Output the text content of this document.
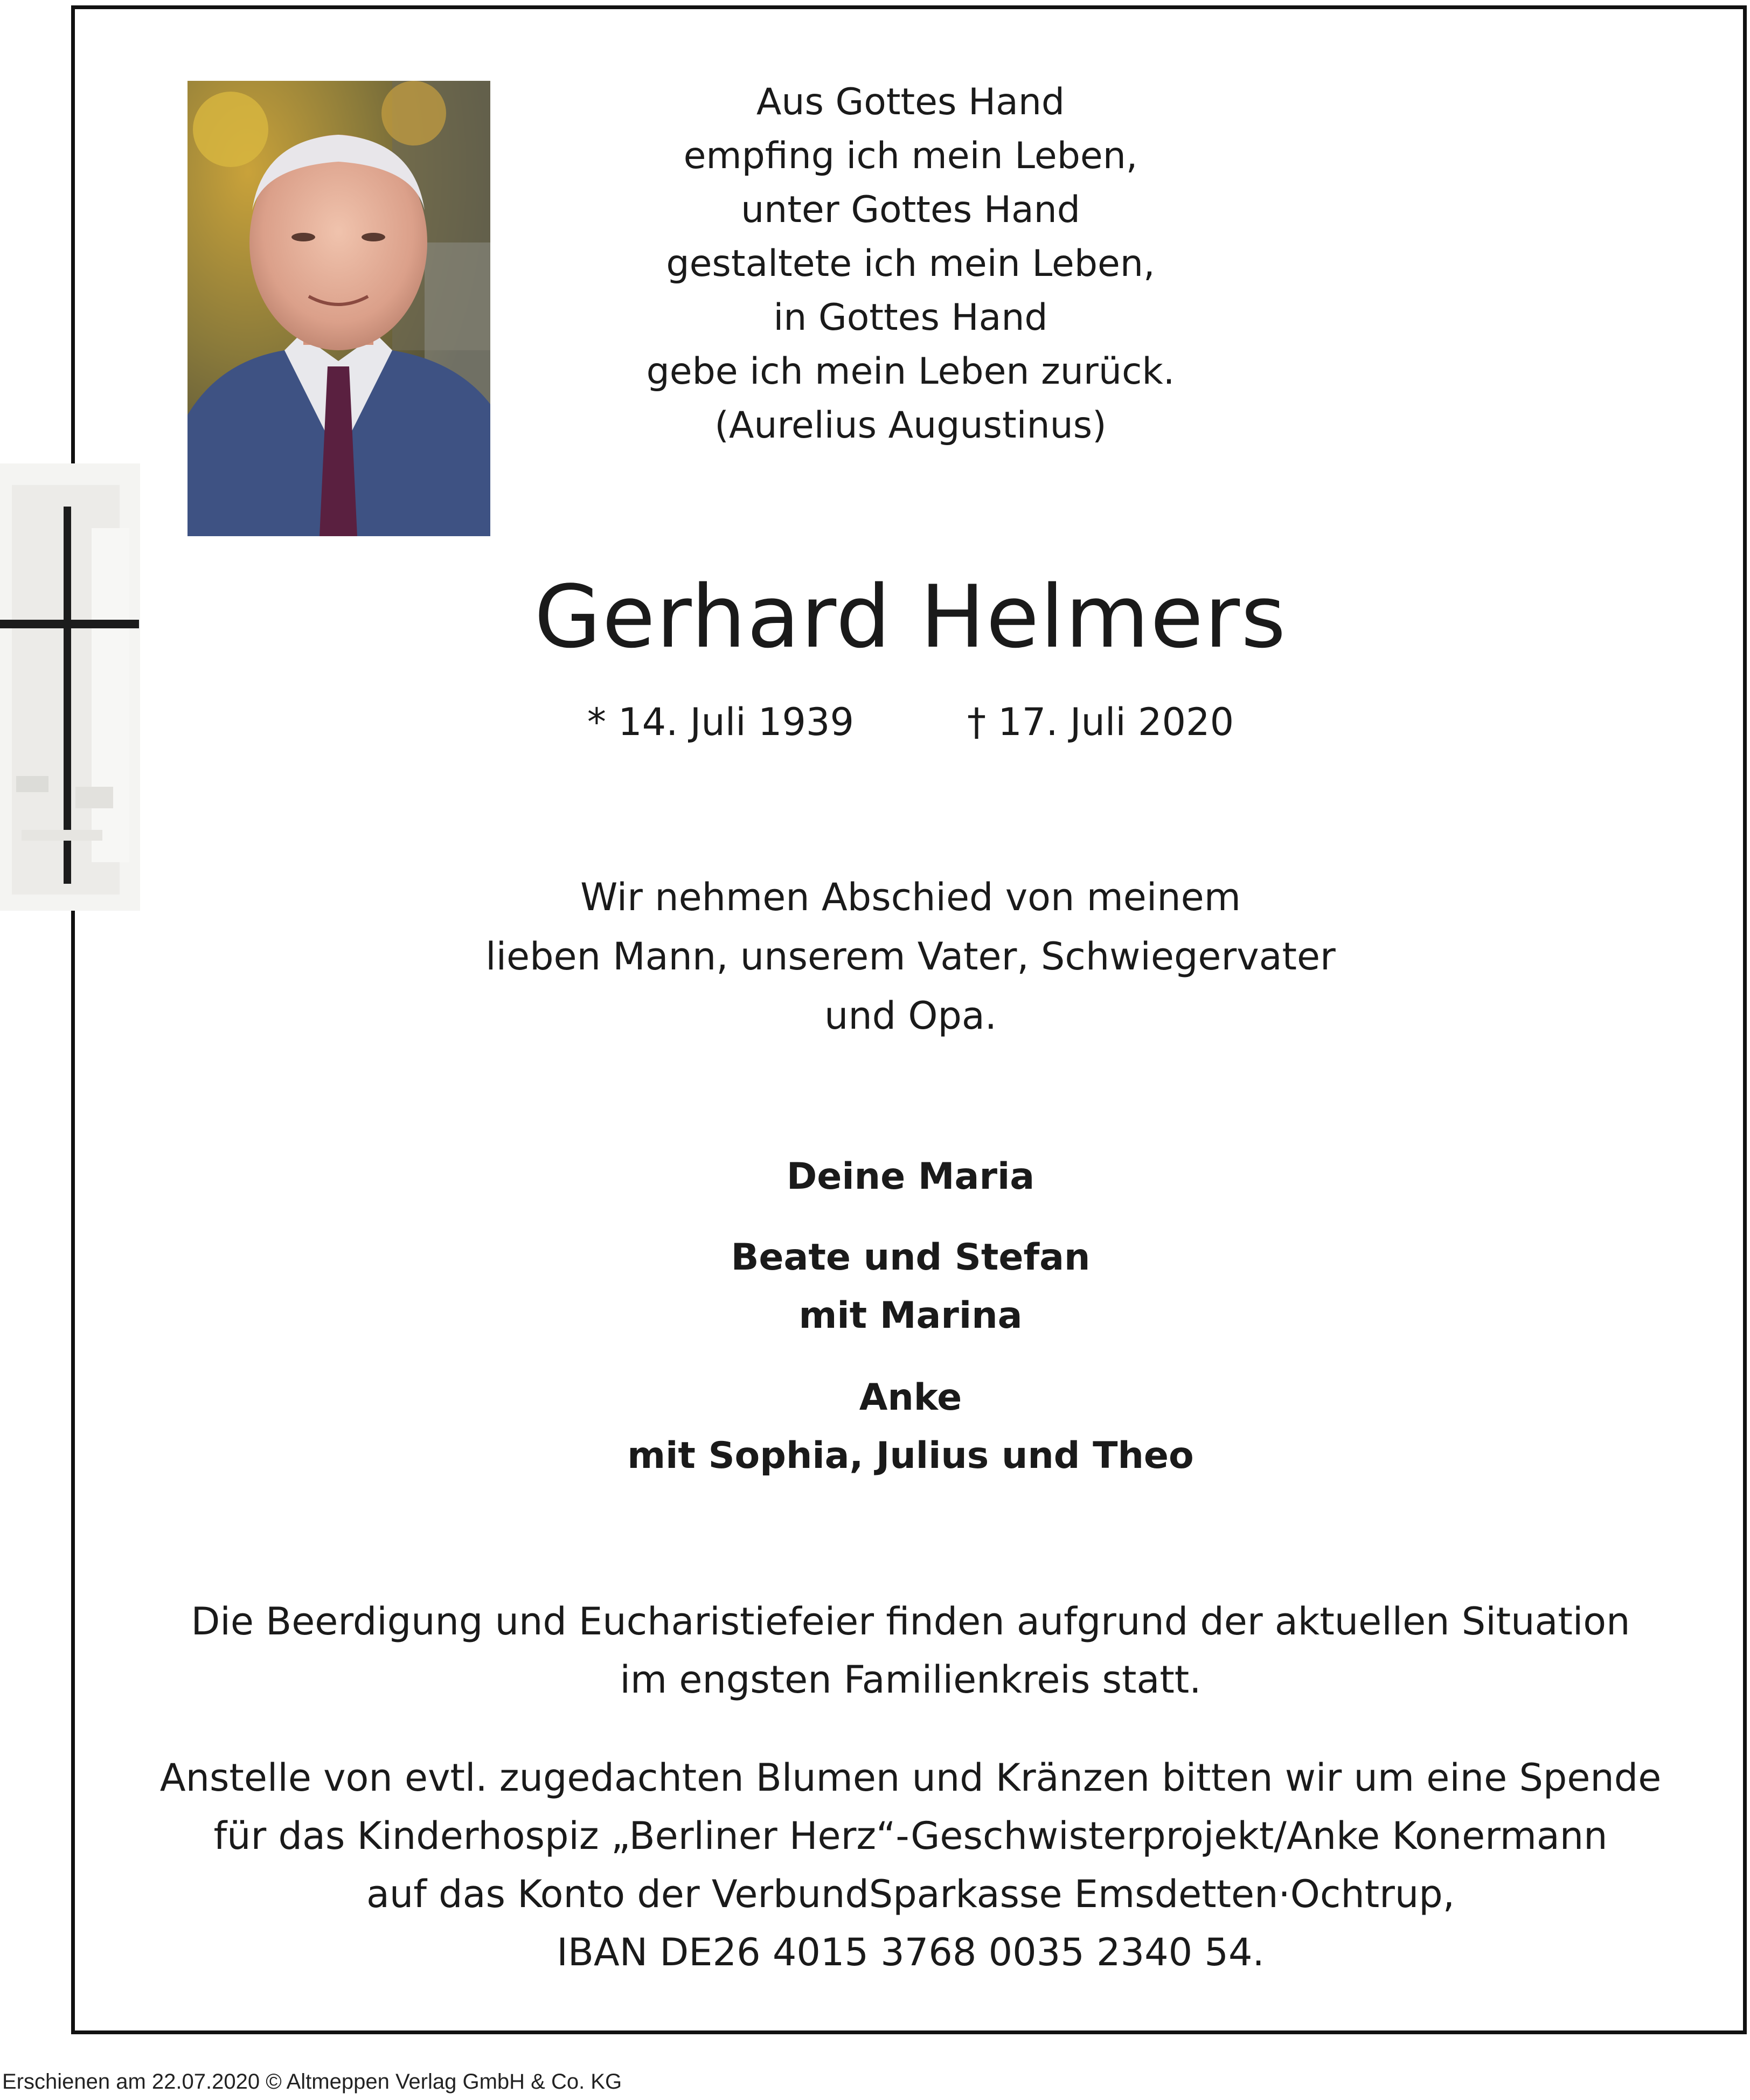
Aus Gottes Hand
empfing ich mein Leben,
unter Gottes Hand
gestaltete ich mein Leben,
in Gottes Hand
gebe ich mein Leben zurück.
(Aurelius Augustinus)

Gerhard Helmers

* 14. Juli 1939	† 17. Juli 2020

Wir nehmen Abschied von meinem
lieben Mann, unserem Vater, Schwiegervater
und Opa.

Deine Maria

Beate und Stefan
mit Marina

Anke
mit Sophia, Julius und Theo

Die Beerdigung und Eucharistiefeier finden aufgrund der aktuellen Situation
im engsten Familienkreis statt.

Anstelle von evtl. zugedachten Blumen und Kränzen bitten wir um eine Spende
für das Kinderhospiz „Berliner Herz“-Geschwisterprojekt/Anke Konermann
auf das Konto der VerbundSparkasse Emsdetten·Ochtrup,
IBAN DE26 4015 3768 0035 2340 54.

Erschienen am 22.07.2020 © Altmeppen Verlag GmbH & Co. KG
